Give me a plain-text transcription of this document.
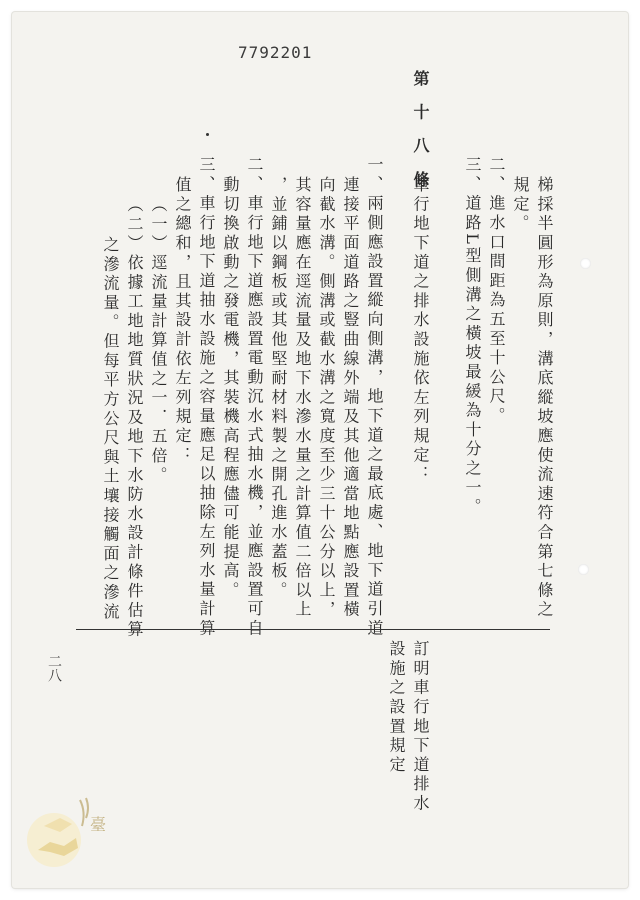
7792201
第 十 八 條
車行地下道之排水設施依左列規定：	梯採半圓形為原則，溝底縱坡應使流速符合第七條之
規定。
二、進水口間距為五至十公尺。
三、道路L型側溝之橫坡最緩為十分之一。
一、兩側應設置縱向側溝，地下道之最底處、地下道引道
連接平面道路之豎曲線外端及其他適當地點應設置橫
向截水溝。側溝或截水溝之寬度至少三十公分以上，
其容量應在逕流量及地下水滲水量之計算值二倍以上
，並鋪以鋼板或其他堅耐材料製之開孔進水蓋板。
二、車行地下道應設置電動沉水式抽水機，並應設置可自
動切換啟動之發電機，其裝機高程應儘可能提高。
三、車行地下道抽水設施之容量應足以抽除左列水量計算
值之總和，且其設計依左列規定：
（一）逕流量計算值之一．五倍。
（二）依據工地地質狀況及地下水防水設計條件估算
之滲流量。但每平方公尺與土壤接觸面之滲流
訂明車行地下道排水
設施之設置規定
二八
臺
